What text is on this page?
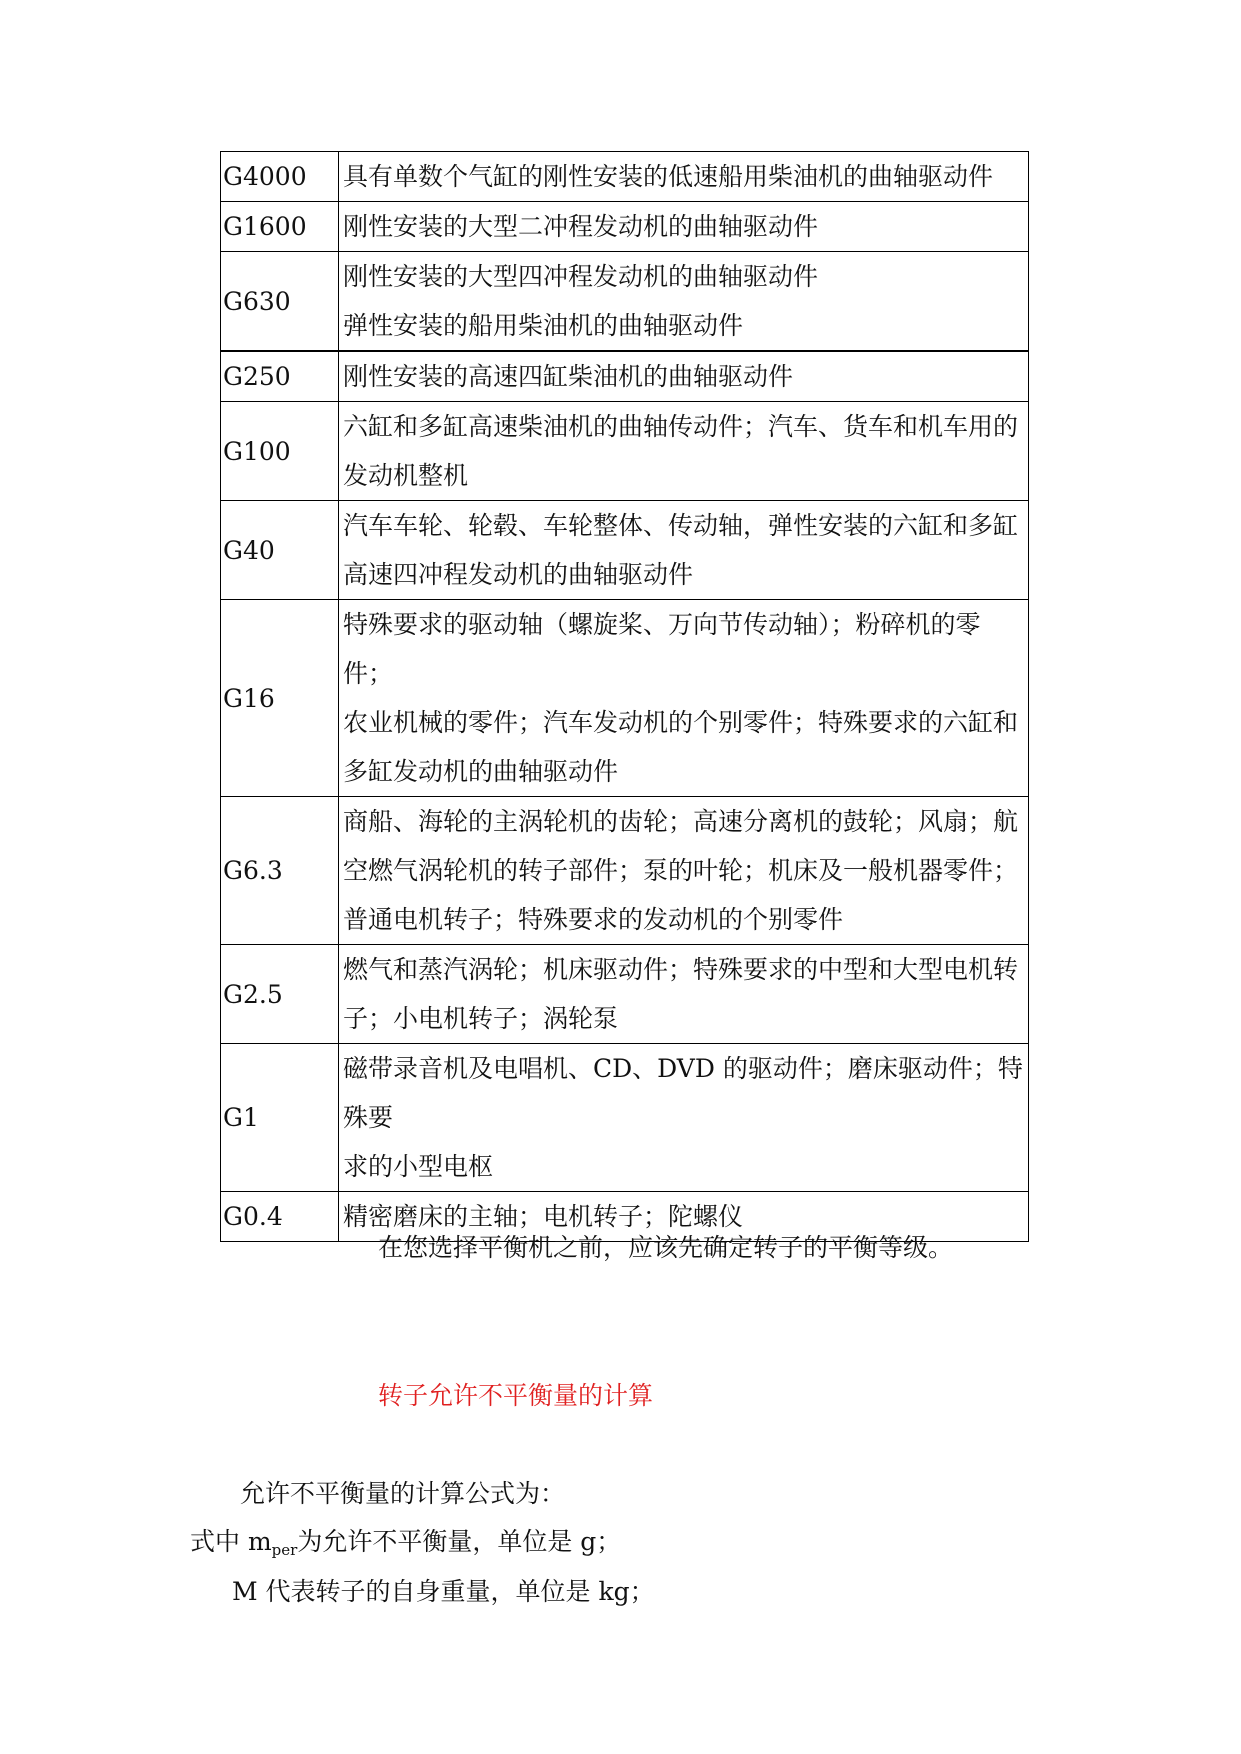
G4000	具有单数个气缸的刚性安装的低速船用柴油机的曲轴驱动件

G1600	刚性安装的大型二冲程发动机的曲轴驱动件

G630	刚性安装的大型四冲程发动机的曲轴驱动件
弹性安装的船用柴油机的曲轴驱动件

G250	刚性安装的高速四缸柴油机的曲轴驱动件

G100	六缸和多缸高速柴油机的曲轴传动件；汽车、货车和机车用的
发动机整机

G40	汽车车轮、轮毂、车轮整体、传动轴，弹性安装的六缸和多缸
高速四冲程发动机的曲轴驱动件

G16	特殊要求的驱动轴（螺旋桨、万向节传动轴）；粉碎机的零件；
农业机械的零件；汽车发动机的个别零件；特殊要求的六缸和
多缸发动机的曲轴驱动件

G6.3	商船、海轮的主涡轮机的齿轮；高速分离机的鼓轮；风扇；航
空燃气涡轮机的转子部件；泵的叶轮；机床及一般机器零件；
普通电机转子；特殊要求的发动机的个别零件

G2.5	燃气和蒸汽涡轮；机床驱动件；特殊要求的中型和大型电机转
子；小电机转子；涡轮泵

G1	磁带录音机及电唱机、CD、DVD 的驱动件；磨床驱动件；特殊要
求的小型电枢

G0.4	精密磨床的主轴；电机转子；陀螺仪
在您选择平衡机之前，应该先确定转子的平衡等级。
转子允许不平衡量的计算
允许不平衡量的计算公式为：
式中 $m_{per}$为允许不平衡量，单位是 g；
M 代表转子的自身重量，单位是 kg；
